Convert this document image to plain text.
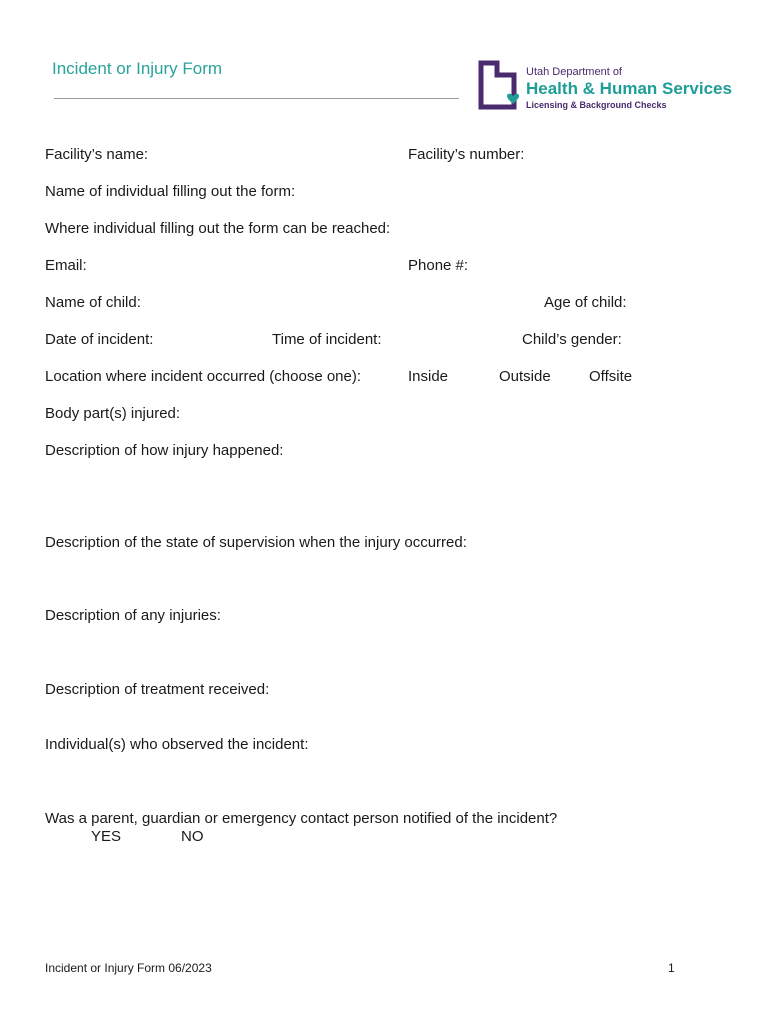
Incident or Injury Form	Utah Department of
Health & Human Services
Licensing & Background Checks
Facility’s name:	Facility’s number:
Name of individual filling out the form:
Where individual filling out the form can be reached:
Email:	Phone #:
Name of child:	Age of child:
Date of incident:	Time of incident:	Child’s gender:
Location where incident occurred (choose one):	Inside	Outside	Offsite
Body part(s) injured:
Description of how injury happened:
Description of the state of supervision when the injury occurred:
Description of any injuries:
Description of treatment received:
Individual(s) who observed the incident:
Was a parent, guardian or emergency contact person notified of the incident?
YES	NO
Incident or Injury Form 06/2023	1
